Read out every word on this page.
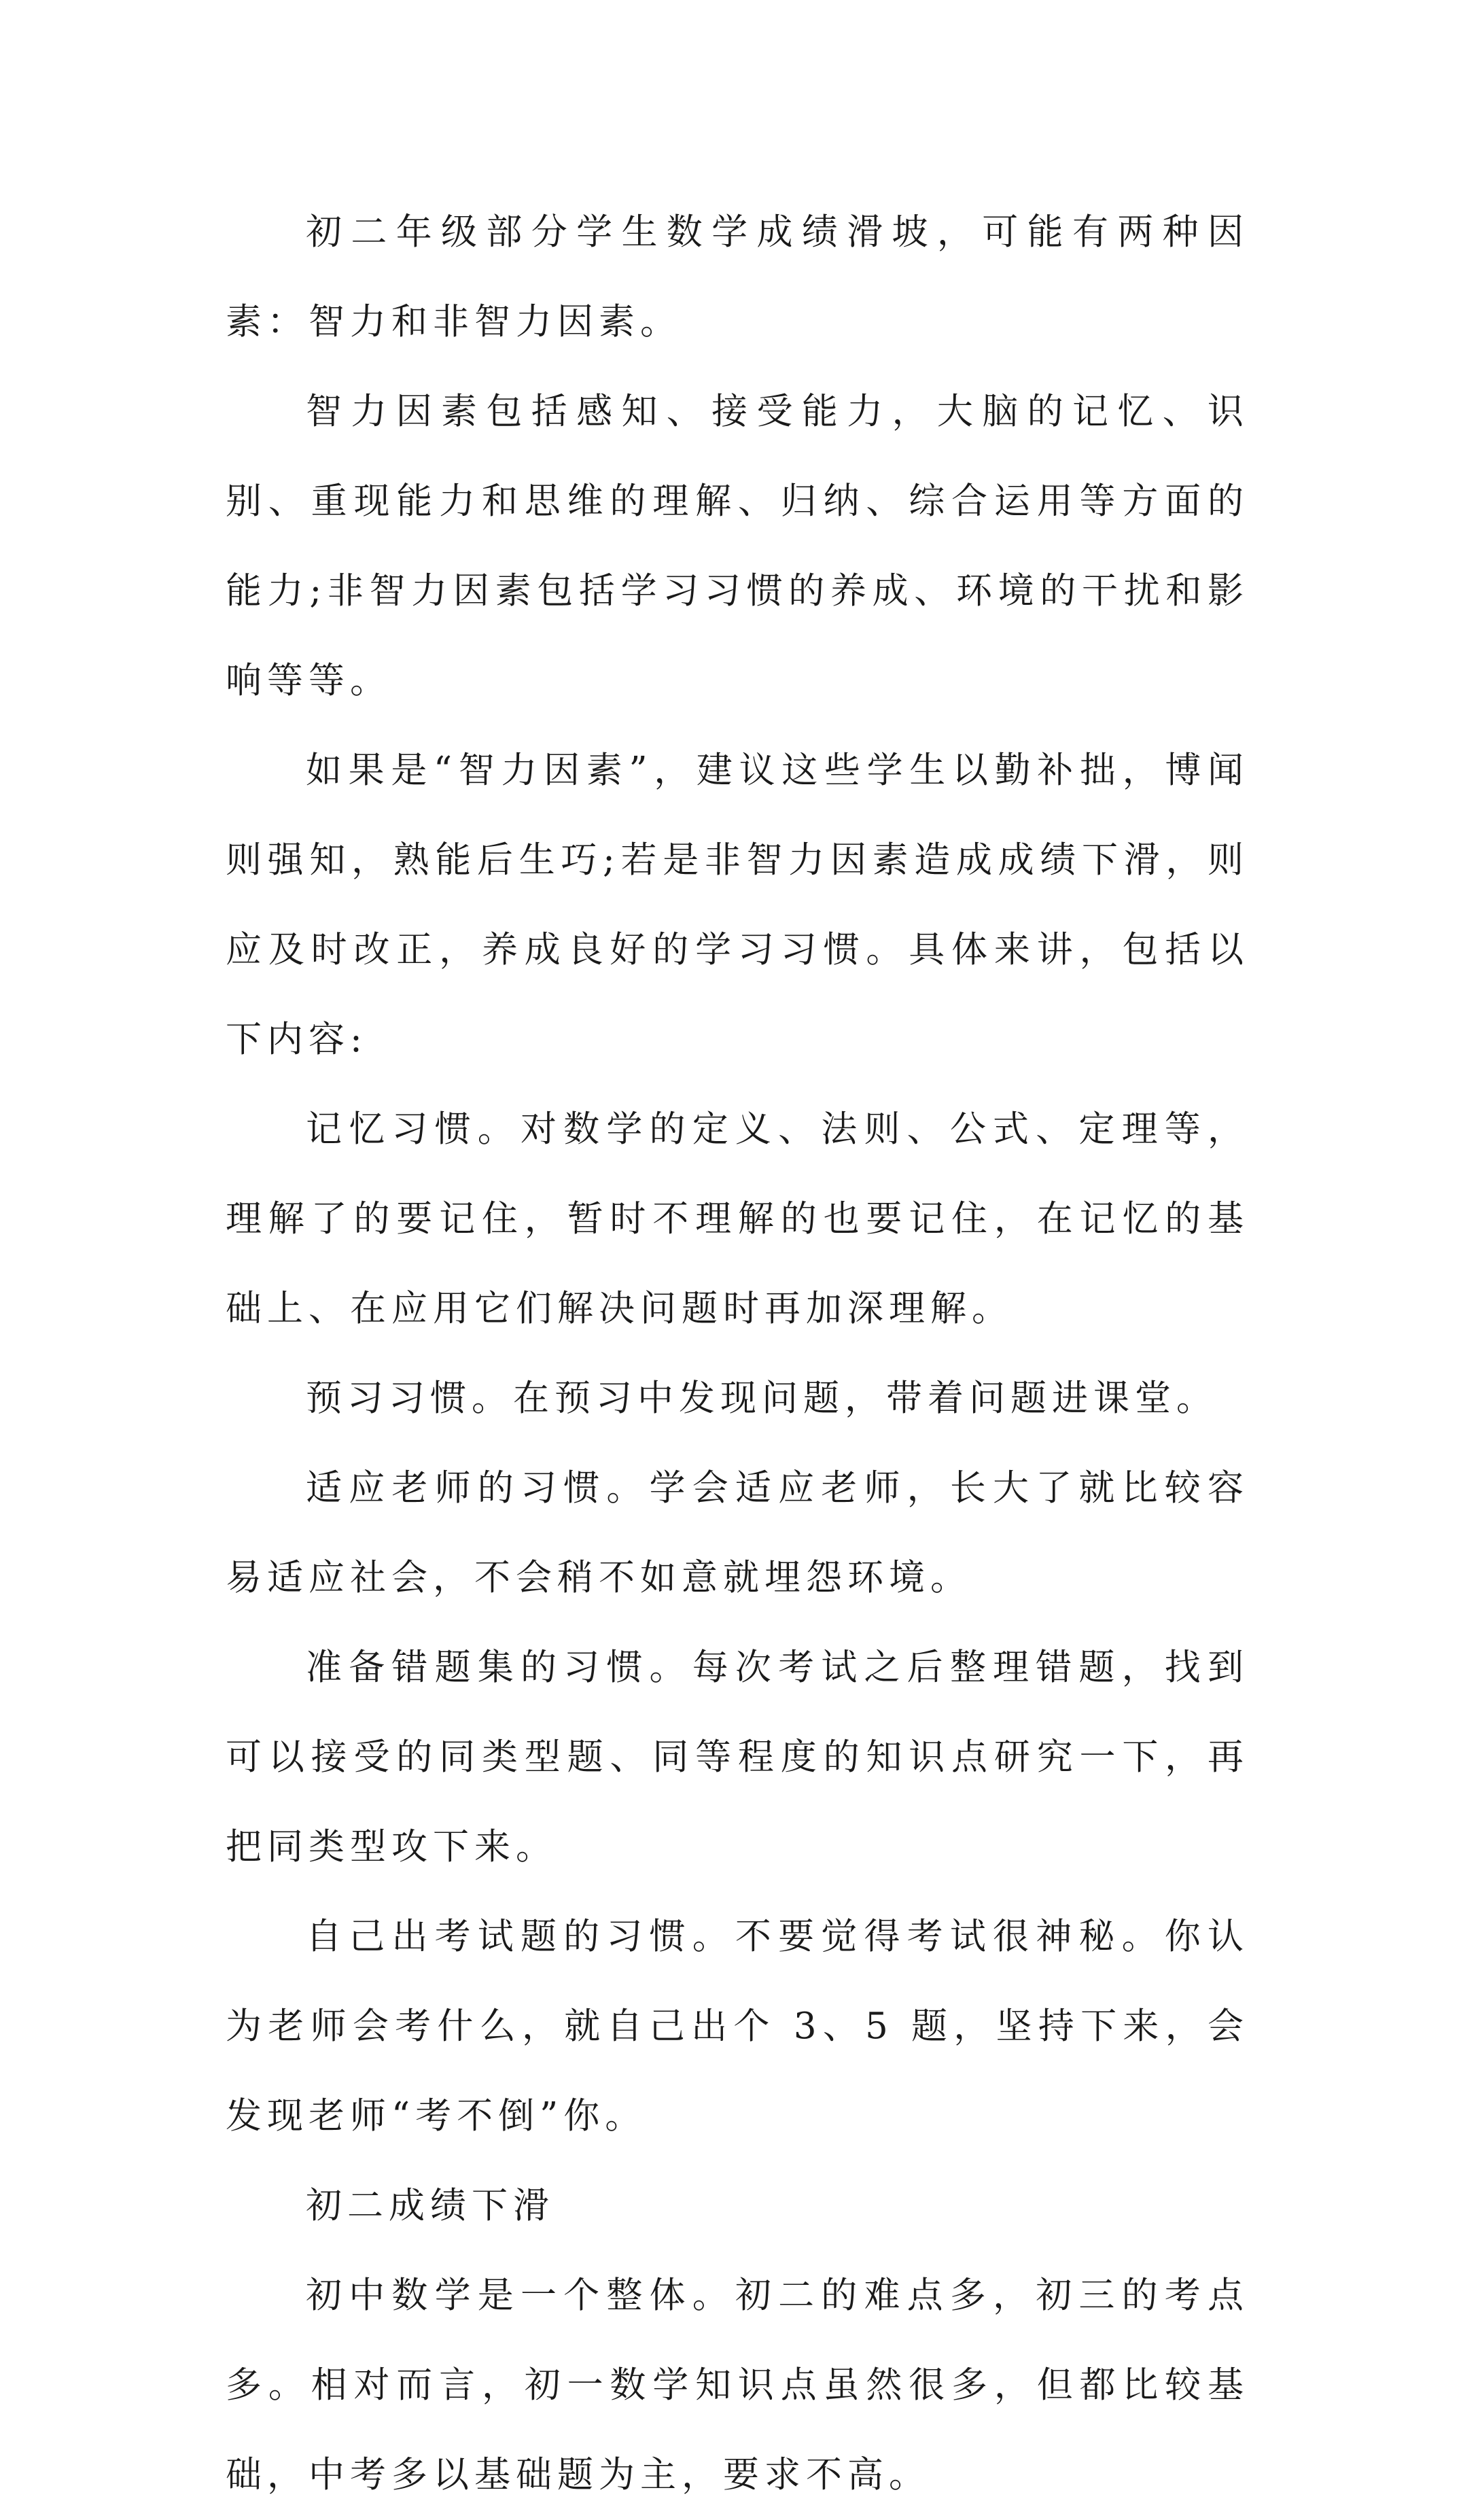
初二年级部分学生数学成绩滑坡，可能有两种因素：智力和非智力因素。

智力因素包括感知、接受能力，大脑的记忆、识别、重现能力和思维的理解、归纳、综合运用等方面的能力;非智力因素包括学习习惯的养成、环境的干扰和影响等等。

如果是“智力因素”，建议这些学生以勤补拙，博闻则强知，熟能后生巧;若是非智力因素造成成绩下滑，则应及时改正，养成良好的学习习惯。具体来讲，包括以下内容:

记忆习惯。对数学的定义、法则、公式、定理等，理解了的要记住，暂时不理解的也要记住，在记忆的基础上、在应用它们解决问题时再加深理解。

预习习惯。在预习中发现问题，带着问题进课堂。

适应老师的习惯。学会适应老师，长大了就比较容易适应社会，不会稍不如意就埋怨环境。

准备错题集的习惯。每次考试之后整理错题，找到可以接受的同类型题、同等程度的知识点研究一下，再把同类型攻下来。

自己出考试题的习惯。不要觉得考试很神秘。你认为老师会考什么，就自己出个 3、5 题，坚持下来，会发现老师“考不倒”你。

初二成绩下滑

初中数学是一个整体。初二的难点多，初三的考点多。相对而言，初一数学知识点虽然很多，但都比较基础，中考多以基础题为主，要求不高。
